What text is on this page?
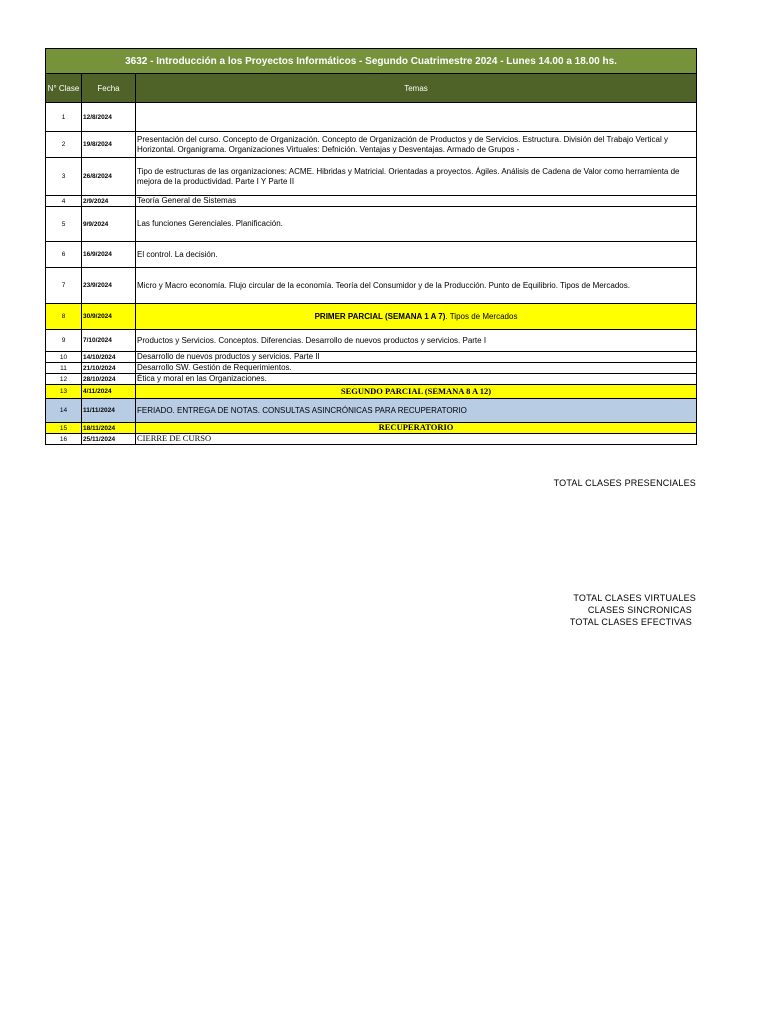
3632 - Introducción a los Proyectos Informáticos - Segundo Cuatrimestre 2024 - Lunes 14.00 a 18.00 hs.		
N° Clase	Fecha	Temas
1	12/8/2024	
2	19/8/2024	Presentación del curso. Concepto de Organización. Concepto de Organización de Productos y de Servicios. Estructura. División del Trabajo Vertical y Horizontal. Organigrama. Organizaciones Virtuales: Defnición. Ventajas y Desventajas. Armado de Grupos -
3	26/8/2024	Tipo de estructuras de las organizaciones: ACME. Hibridas y Matricial. Orientadas a proyectos. Ágiles. Análisis de Cadena de Valor como herramienta de mejora de la productividad. Parte I Y Parte II
4	2/9/2024	Teoría General de Sistemas
5	9/9/2024	Las funciones Gerenciales. Planificación.
6	16/9/2024	El control. La decisión.
7	23/9/2024	Micro y Macro economía. Flujo circular de la economía. Teoría del Consumidor y de la Producción. Punto de Equilibrio. Tipos de Mercados.
8	30/9/2024	PRIMER PARCIAL (SEMANA 1 A 7). Tipos de Mercados
9	7/10/2024	Productos y Servicios. Conceptos. Diferencias. Desarrollo de nuevos productos y servicios. Parte I
10	14/10/2024	Desarrollo de nuevos productos y servicios. Parte II
11	21/10/2024	Desarrollo SW. Gestión de Requerimientos.
12	28/10/2024	Ética y moral en las Organizaciones.
13	4/11/2024	SEGUNDO PARCIAL (SEMANA 8 A 12)
14	11/11/2024	FERIADO. ENTREGA DE NOTAS. CONSULTAS ASINCRÓNICAS PARA RECUPERATORIO
15	18/11/2024	RECUPERATORIO
16	25/11/2024	CIERRE DE CURSO
TOTAL CLASES PRESENCIALES
TOTAL CLASES VIRTUALES
CLASES SINCRONICAS
TOTAL CLASES EFECTIVAS
